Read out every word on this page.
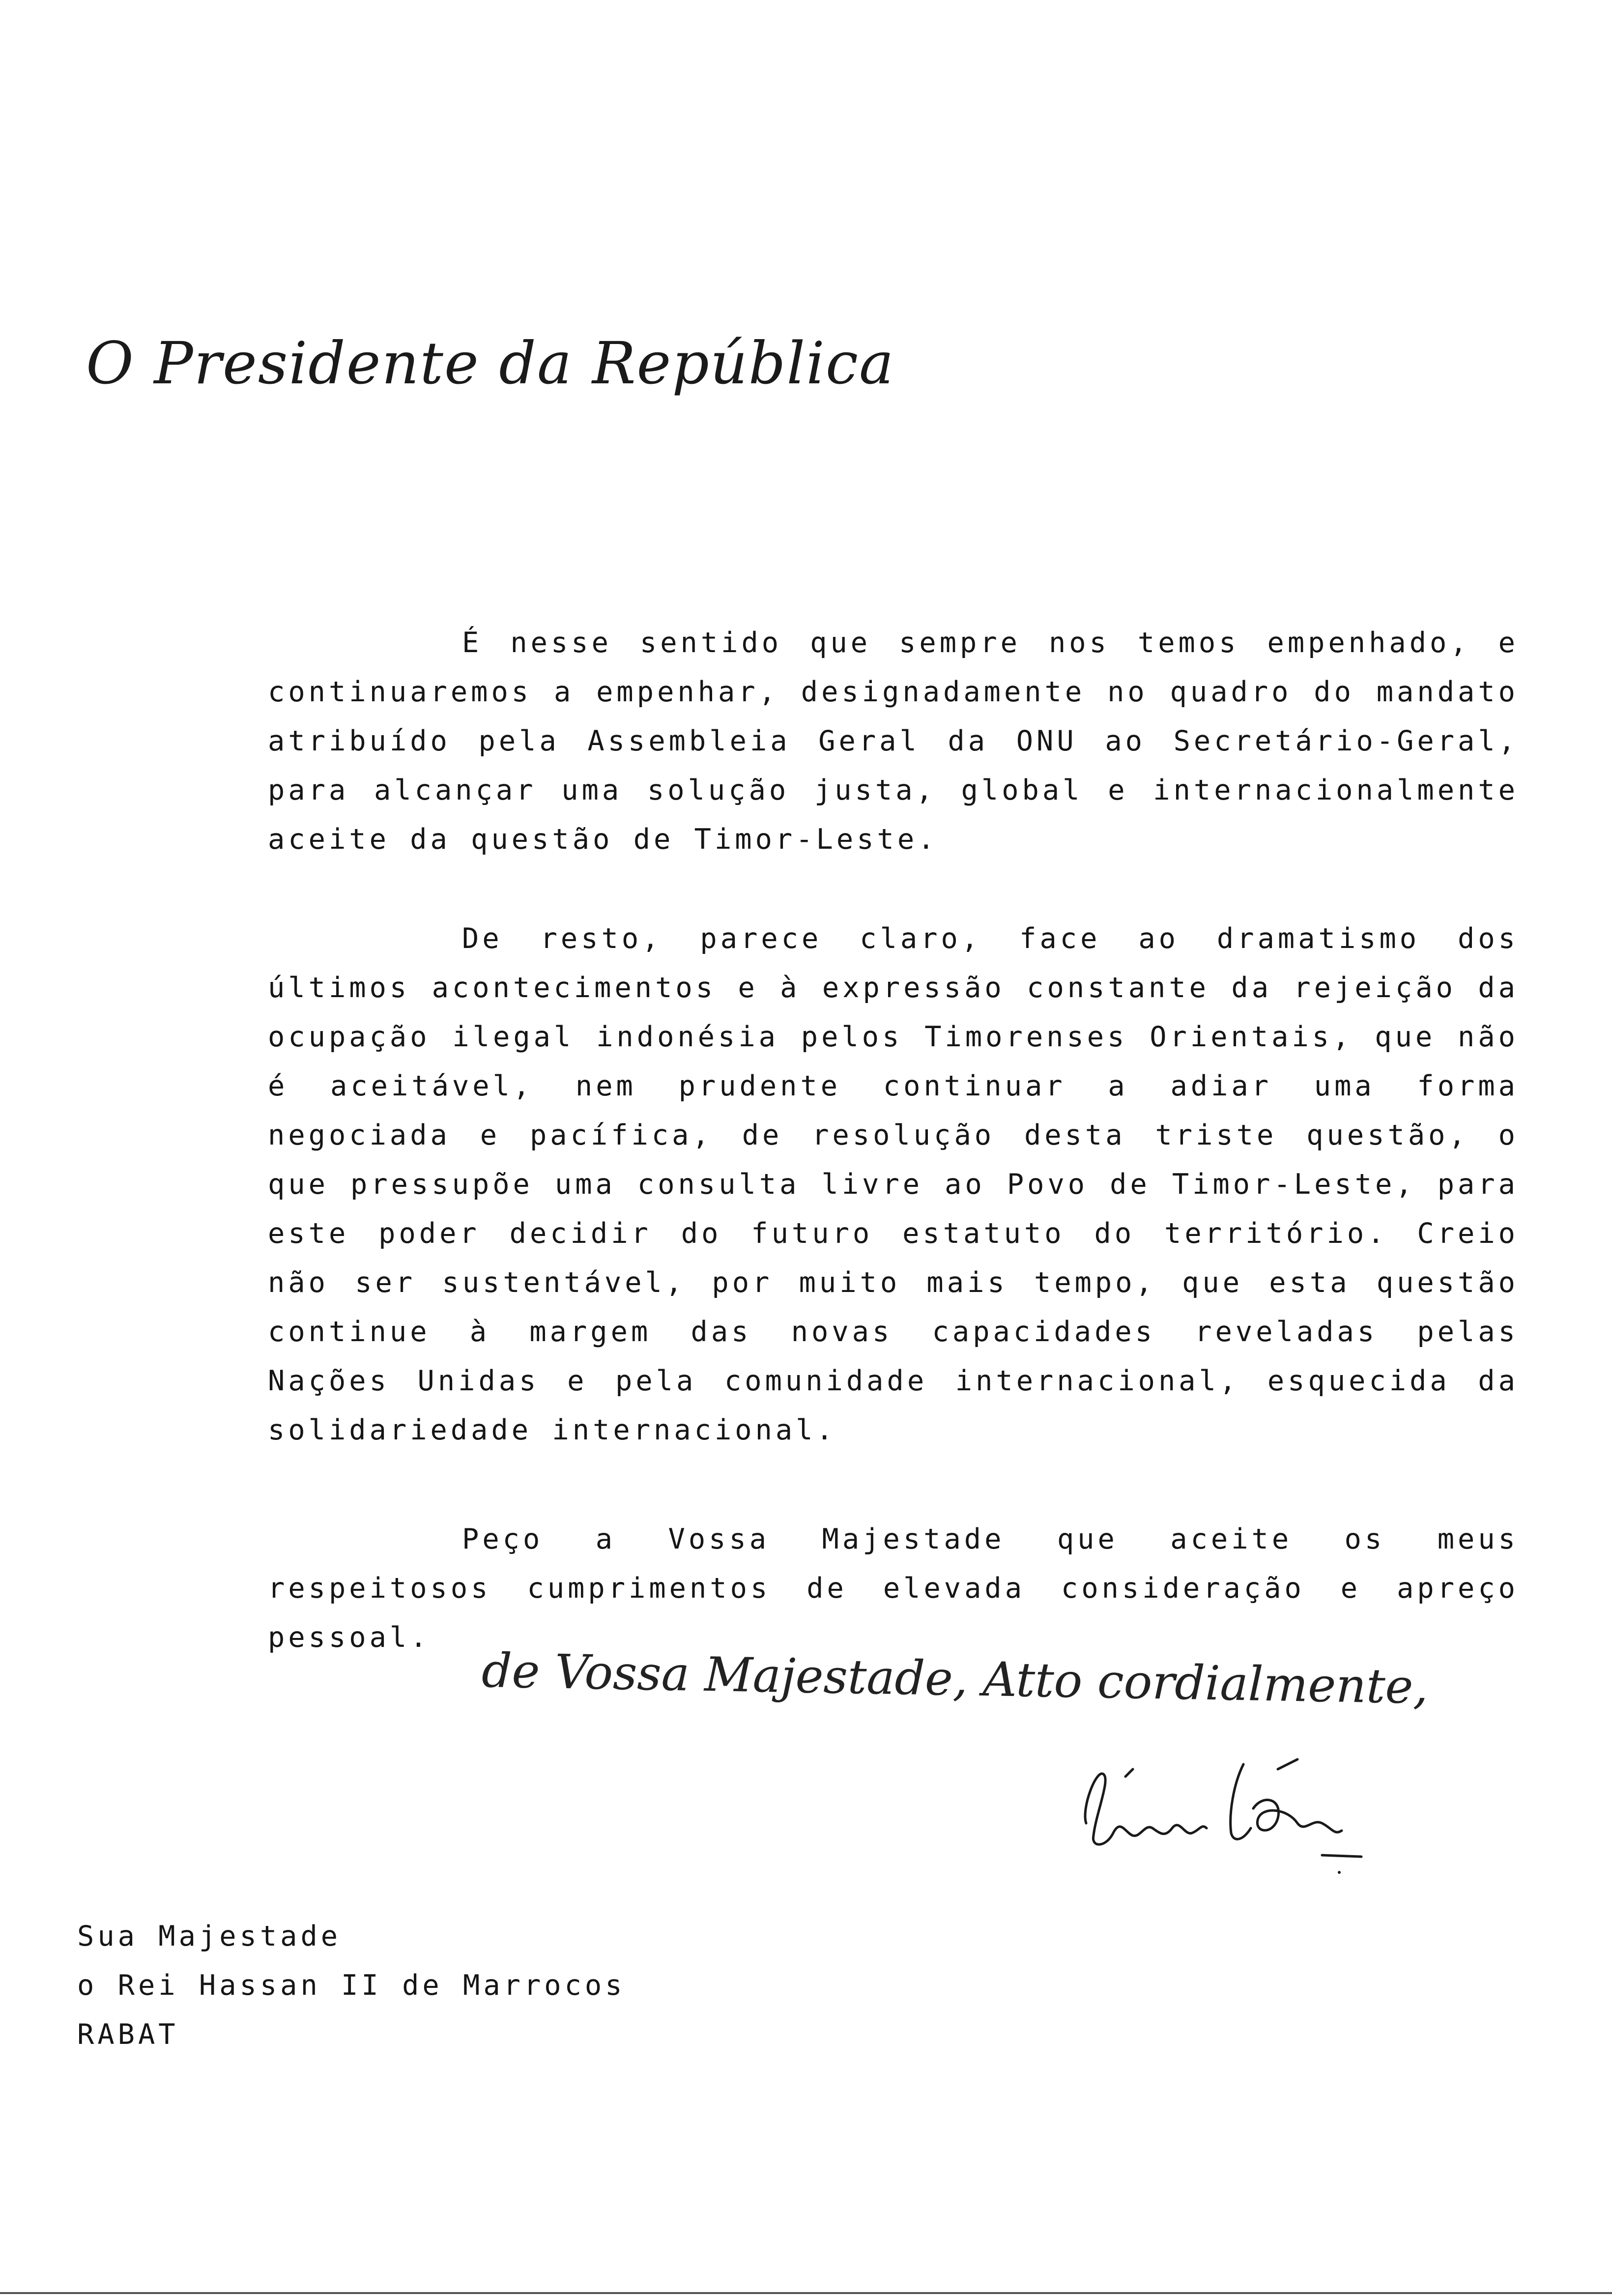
O Presidente da República

É nesse sentido que sempre nos temos empenhado, e continuaremos a empenhar, designadamente no quadro do mandato atribuído pela Assembleia Geral da ONU ao Secretário-Geral, para alcançar uma solução justa, global e internacionalmente aceite da questão de Timor-Leste.

De resto, parece claro, face ao dramatismo dos últimos acontecimentos e à expressão constante da rejeição da ocupação ilegal indonésia pelos Timorenses Orientais, que não é aceitável, nem prudente continuar a adiar uma forma negociada e pacífica, de resolução desta triste questão, o que pressupõe uma consulta livre ao Povo de Timor-Leste, para este poder decidir do futuro estatuto do território. Creio não ser sustentável, por muito mais tempo, que esta questão continue à margem das novas capacidades reveladas pelas Nações Unidas e pela comunidade internacional, esquecida da solidariedade internacional.

Peço a Vossa Majestade que aceite os meus respeitosos cumprimentos de elevada consideração e apreço pessoal.

de Vossa Majestade, Atto cordialmente,
Sua Majestade
o Rei Hassan II de Marrocos
RABAT
